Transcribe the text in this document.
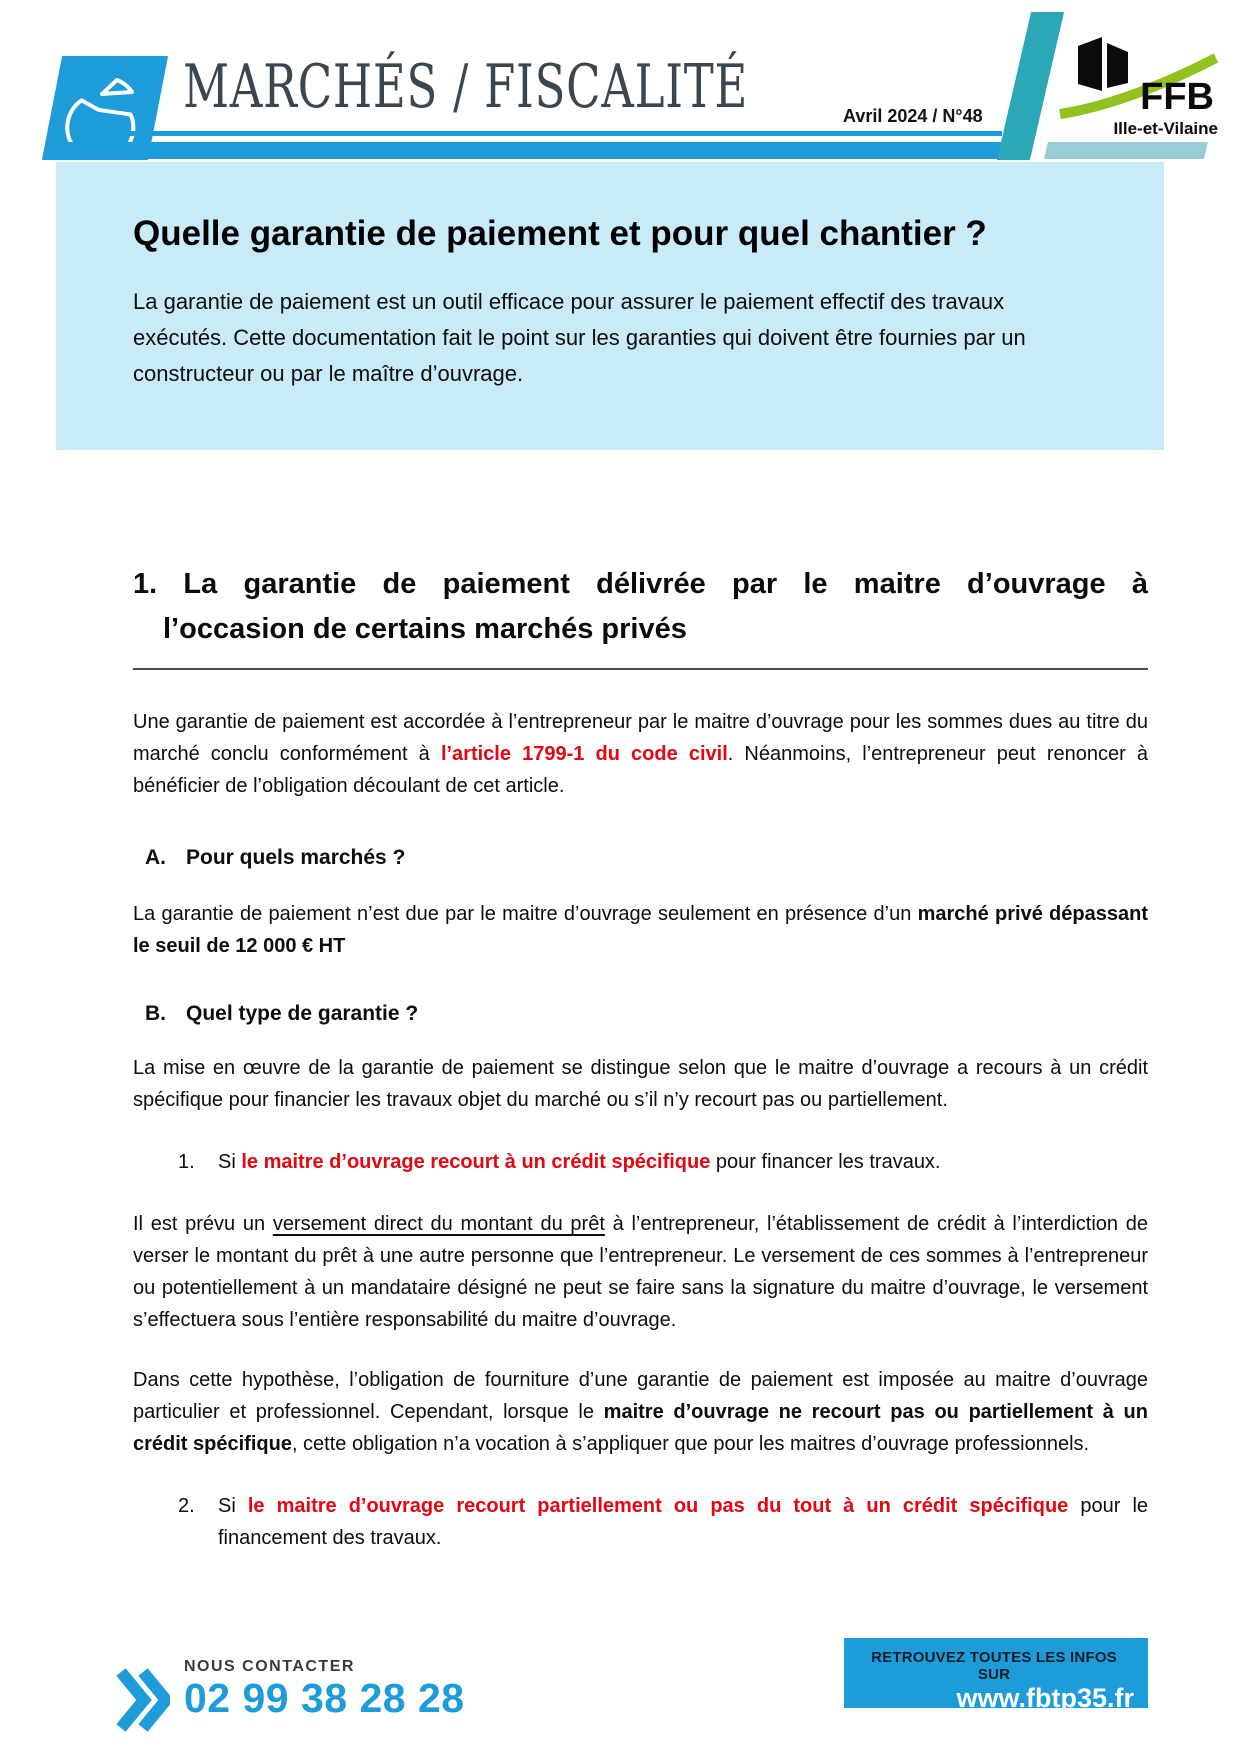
MARCHÉS / FISCALITÉ	Avril 2024 / N°48	FFB
Ille-et-Vilaine
Quelle garantie de paiement et pour quel chantier ?
La garantie de paiement est un outil efficace pour assurer le paiement effectif des travaux exécutés. Cette documentation fait le point sur les garanties qui doivent être fournies par un constructeur ou par le maître d’ouvrage.
1. La garantie de paiement délivrée par le maitre d’ouvrage à
l’occasion de certains marchés privés

Une garantie de paiement est accordée à l’entrepreneur par le maitre d’ouvrage pour les sommes dues au titre du marché conclu conformément à l’article 1799-1 du code civil. Néanmoins, l’entrepreneur peut renoncer à bénéficier de l’obligation découlant de cet article.

A. Pour quels marchés ?

La garantie de paiement n’est due par le maitre d’ouvrage seulement en présence d’un marché privé dépassant le seuil de 12 000 € HT

B. Quel type de garantie ?

La mise en œuvre de la garantie de paiement se distingue selon que le maitre d’ouvrage a recours à un crédit spécifique pour financier les travaux objet du marché ou s’il n’y recourt pas ou partiellement.

1.	Si le maitre d’ouvrage recourt à un crédit spécifique pour financer les travaux.

Il est prévu un versement direct du montant du prêt à l’entrepreneur, l’établissement de crédit à l’interdiction de verser le montant du prêt à une autre personne que l’entrepreneur. Le versement de ces sommes à l’entrepreneur ou potentiellement à un mandataire désigné ne peut se faire sans la signature du maitre d’ouvrage, le versement s’effectuera sous l’entière responsabilité du maitre d’ouvrage.

Dans cette hypothèse, l’obligation de fourniture d’une garantie de paiement est imposée au maitre d’ouvrage particulier et professionnel. Cependant, lorsque le maitre d’ouvrage ne recourt pas ou partiellement à un crédit spécifique, cette obligation n’a vocation à s’appliquer que pour les maitres d’ouvrage professionnels.

2.	Si le maitre d’ouvrage recourt partiellement ou pas du tout à un crédit spécifique pour le financement des travaux.
NOUS CONTACTER
02 99 38 28 28
RETROUVEZ TOUTES LES INFOS SUR
www.fbtp35.fr
